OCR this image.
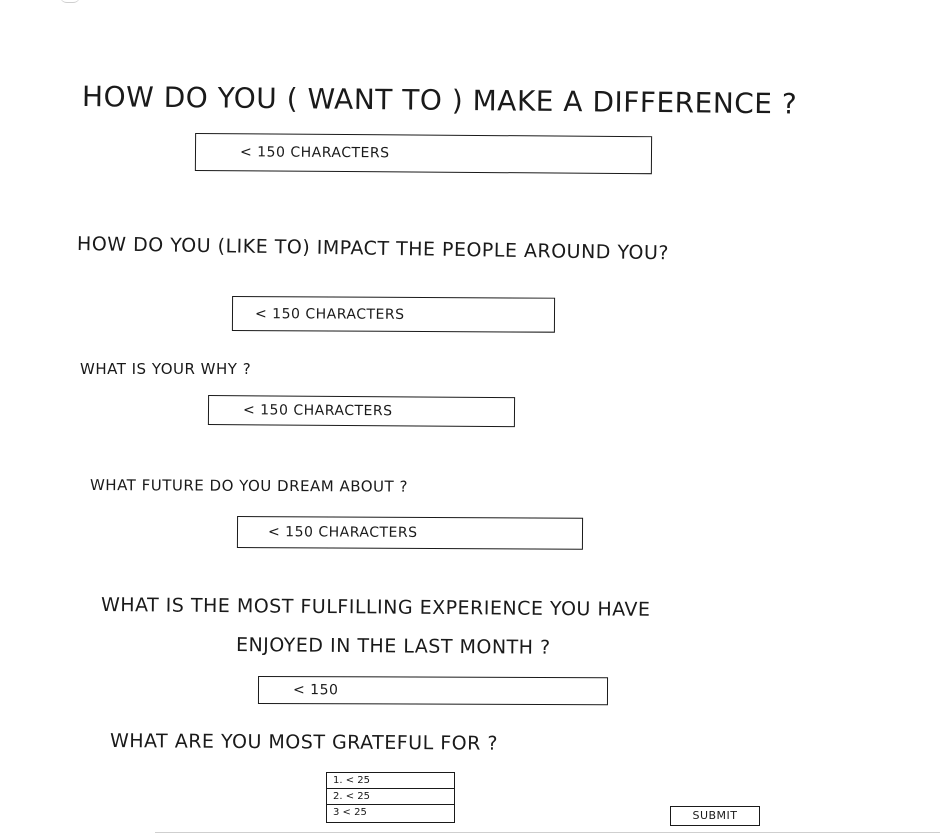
HOW DO YOU ( WANT TO ) MAKE A DIFFERENCE ?
< 150 CHARACTERS
HOW DO YOU (LIKE TO) IMPACT THE PEOPLE AROUND YOU?
< 150 CHARACTERS
WHAT IS YOUR WHY ?
< 150 CHARACTERS
WHAT FUTURE DO YOU DREAM ABOUT ?
< 150 CHARACTERS
WHAT IS THE MOST FULFILLING EXPERIENCE YOU HAVE
ENJOYED IN THE LAST MONTH ?
< 150
WHAT ARE YOU MOST GRATEFUL FOR ?
1. < 25
2. < 25
3 < 25	SUBMIT
